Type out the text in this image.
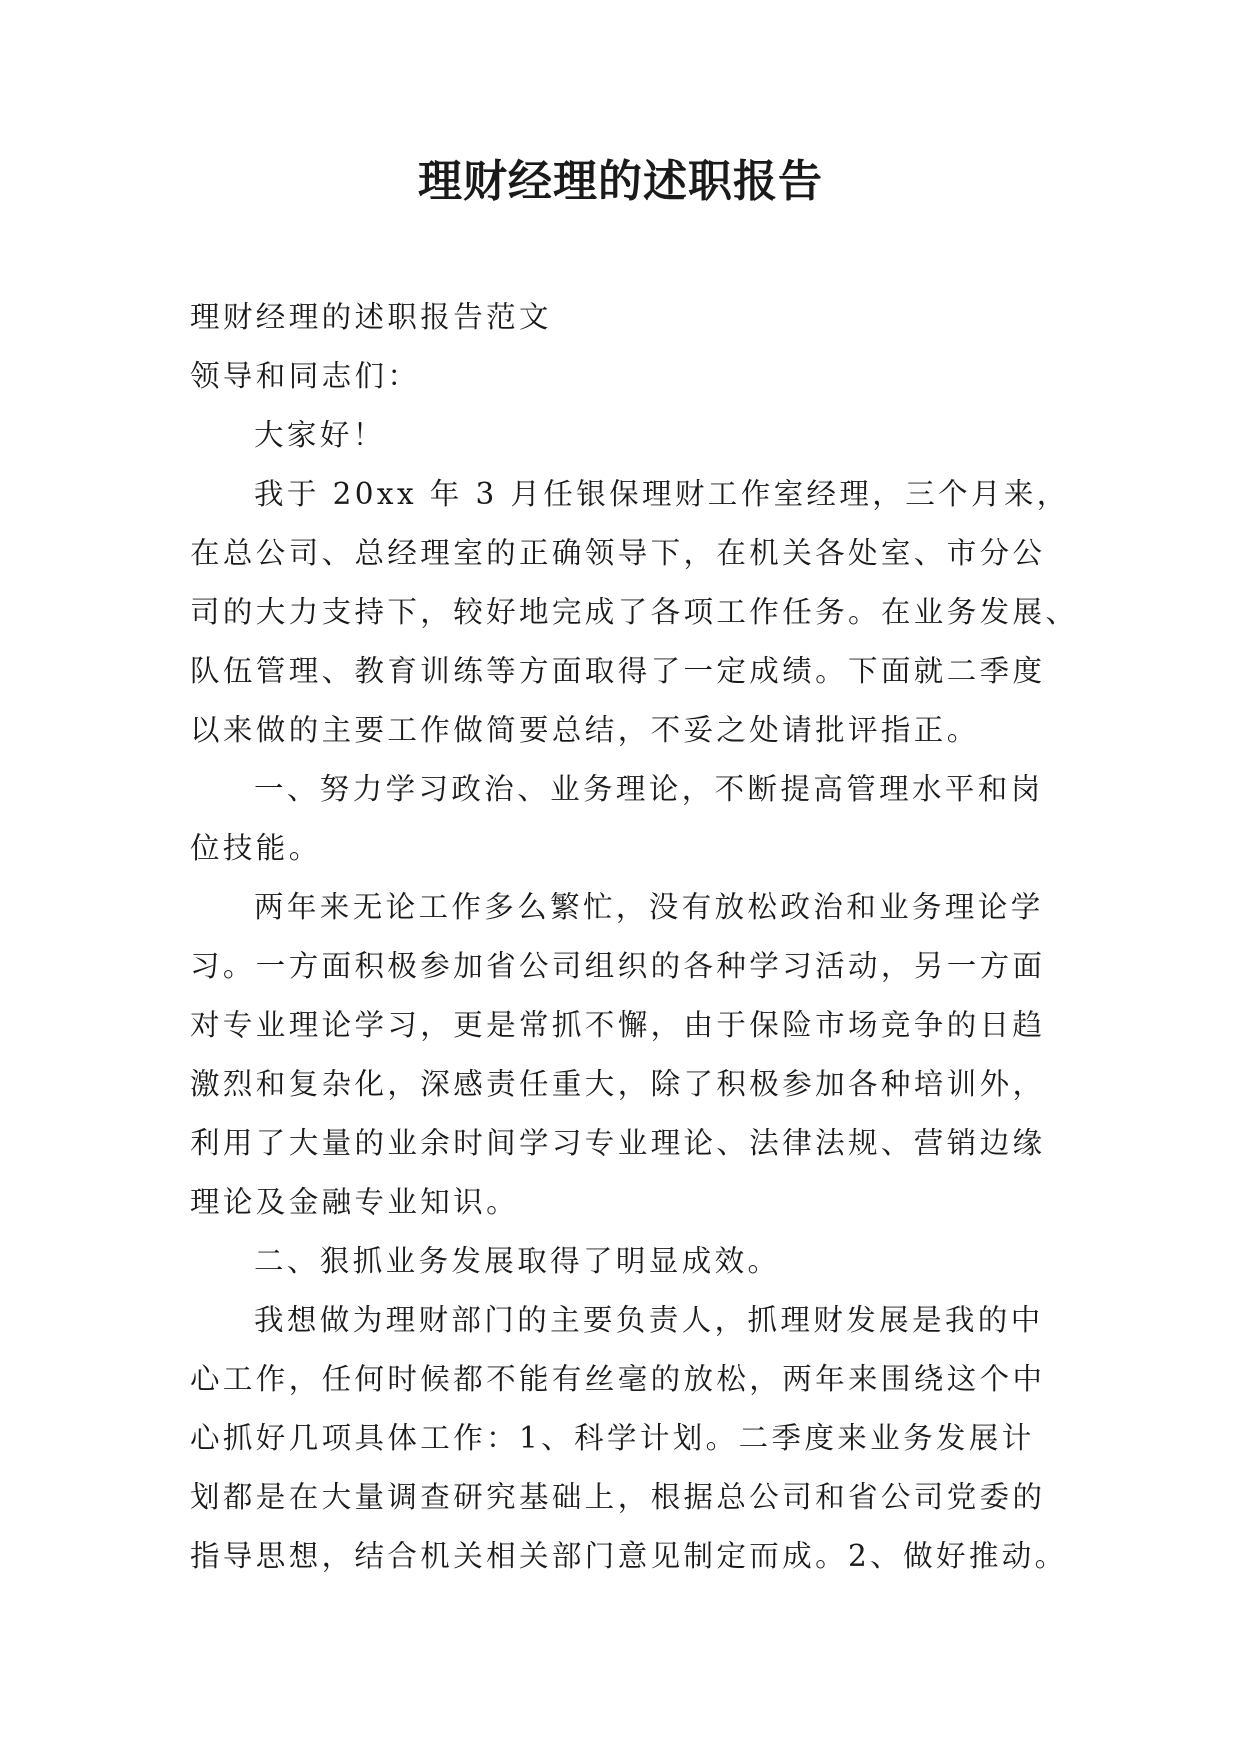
理财经理的述职报告

理财经理的述职报告范文

领导和同志们：

大家好！

我于 20xx 年 3 月任银保理财工作室经理，三个月来，

在总公司、总经理室的正确领导下，在机关各处室、市分公

司的大力支持下，较好地完成了各项工作任务。在业务发展、

队伍管理、教育训练等方面取得了一定成绩。下面就二季度

以来做的主要工作做简要总结，不妥之处请批评指正。

一、努力学习政治、业务理论，不断提高管理水平和岗

位技能。

两年来无论工作多么繁忙，没有放松政治和业务理论学

习。一方面积极参加省公司组织的各种学习活动，另一方面

对专业理论学习，更是常抓不懈，由于保险市场竞争的日趋

激烈和复杂化，深感责任重大，除了积极参加各种培训外，

利用了大量的业余时间学习专业理论、法律法规、营销边缘

理论及金融专业知识。

二、狠抓业务发展取得了明显成效。

我想做为理财部门的主要负责人，抓理财发展是我的中

心工作，任何时候都不能有丝毫的放松，两年来围绕这个中

心抓好几项具体工作：1、科学计划。二季度来业务发展计

划都是在大量调查研究基础上，根据总公司和省公司党委的

指导思想，结合机关相关部门意见制定而成。2、做好推动。
